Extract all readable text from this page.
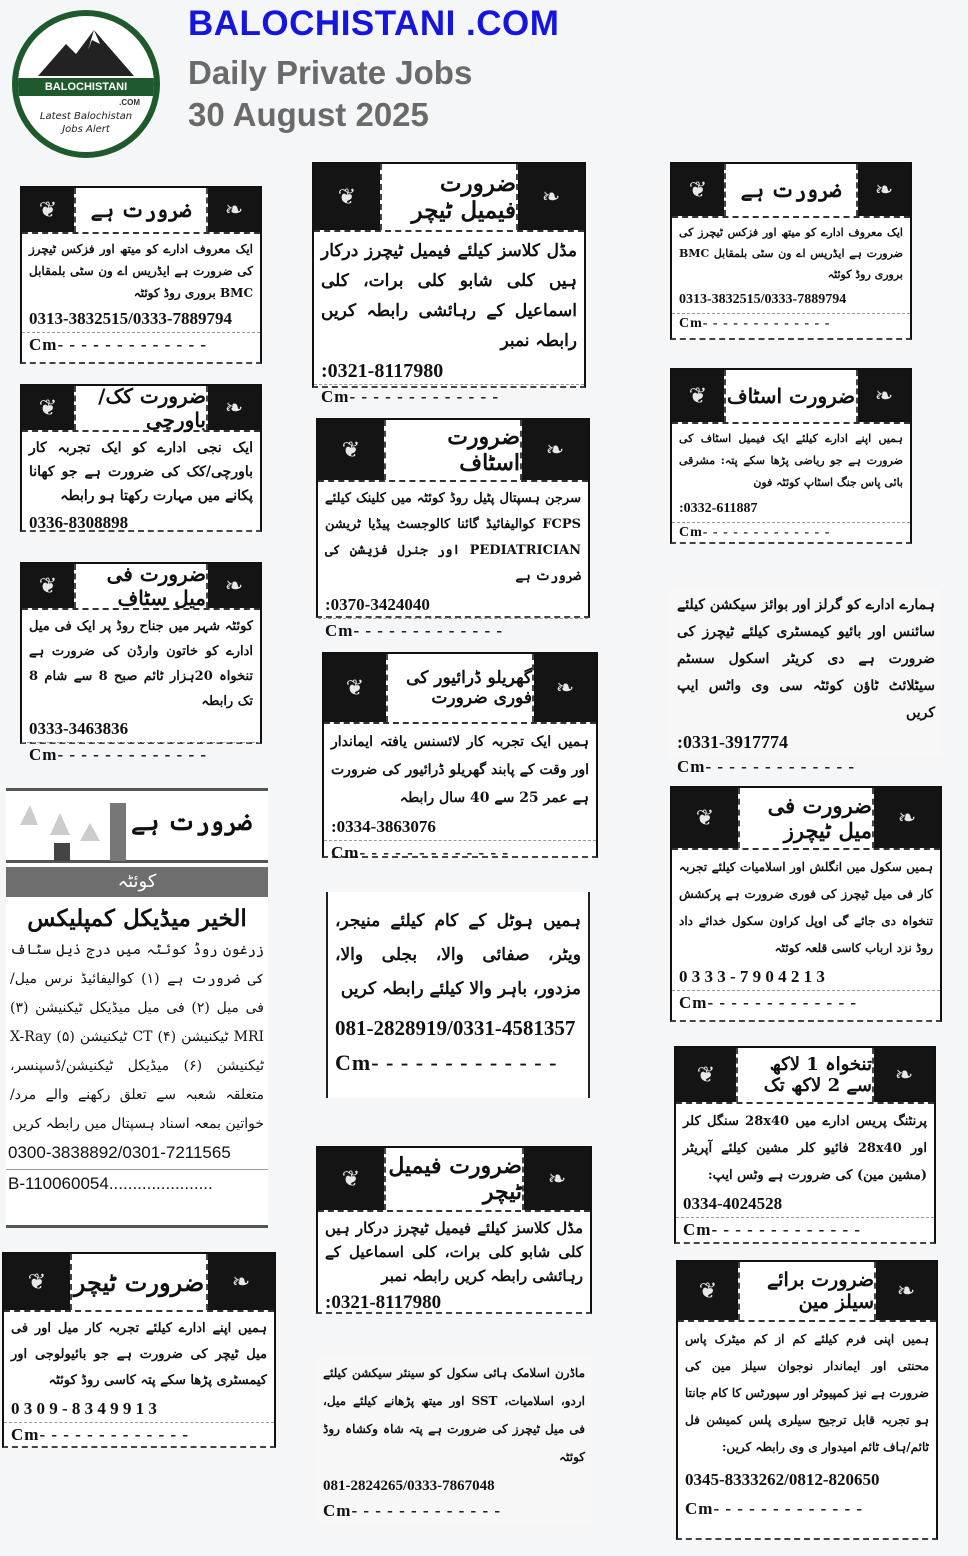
BALOCHISTANI
.COM
Latest Balochistan
Jobs Alert
BALOCHISTANI .COM
Daily Private Jobs
30 August 2025
❦	ضرورت ہے	❧
ایک معروف ادارے کو میتھ اور فزکس ٹیچرز کی ضرورت ہے ایڈریس اے ون سٹی بلمقابل BMC بروری روڈ کوئٹہ
0313-3832515/0333-7889794
Cm- - - - - - - - - - - - -
❦	ضرورت کک/باورچی ❧
ایک نجی ادارے کو ایک تجربہ کار باورچی/کک کی ضرورت ہے جو کھانا پکانے میں مہارت رکھتا ہو رابطہ
0336-8308898
❦	ضرورت فی میل سٹاف ❧
کوئٹہ شہر میں جناح روڈ پر ایک فی میل ادارے کو خاتون وارڈن کی ضرورت ہے تنخواہ 20ہزار ٹائم صبح 8 سے شام 8 تک رابطہ
0333-3463836
Cm- - - - - - - - - - - - -
ضرورت ہے
کوئٹہ
الخیر میڈیکل کمپلیکس
زرغون روڈ کوئٹہ میں درج ذیل سٹاف کی ضرورت ہے (۱) کوالیفائیڈ نرس میل/فی میل (۲) فی میل میڈیکل ٹیکنیشن (۳) MRI ٹیکنیشن (۴) CT ٹیکنیشن (۵) X-Ray ٹیکنیشن (۶) میڈیکل ٹیکنیشن/ڈسپنسر، متعلقہ شعبہ سے تعلق رکھنے والے مرد/خواتین بمعہ اسناد ہسپتال میں رابطہ کریں
0300-3838892/0301-7211565
B-110060054......................
❦	ضرورت ٹیچر	❧
ہمیں اپنے ادارے کیلئے تجربہ کار میل اور فی میل ٹیچر کی ضرورت ہے جو بائیولوجی اور کیمسٹری پڑھا سکے پتہ کاسی روڈ کوئٹہ
0 3 0 9 - 8 3 4 9 9 1 3
Cm- - - - - - - - - - - - -
❦	ضرورت فیمیل ٹیچر	❧
مڈل کلاسز کیلئے فیمیل ٹیچرز درکار ہیں کلی شابو کلی برات، کلی اسماعیل کے رہائشی رابطہ کریں رابطہ نمبر
:0321-8117980
Cm- - - - - - - - - - - - -
❦	ضرورت اسٹاف	❧
سرجن ہسپتال پٹیل روڈ کوئٹہ میں کلینک کیلئے FCPS کوالیفائیڈ گائنا کالوجسٹ پیڈیا ٹریشن PEDIATRICIAN اور جنرل فزیشن کی ضرورت ہے
:0370-3424040
Cm- - - - - - - - - - - - -
❦	گھریلو ڈرائیور کی فوری ضرورت	❧
ہمیں ایک تجربہ کار لائسنس یافتہ ایماندار اور وقت کے پابند گھریلو ڈرائیور کی ضرورت ہے عمر 25 سے 40 سال رابطہ
:0334-3863076
Cm- - - - - - - - - - - - -
ہمیں ہوٹل کے کام کیلئے منیجر، ویٹر، صفائی والا، بجلی والا، مزدور، باہر والا کیلئے رابطہ کریں
081-2828919/0331-4581357
Cm- - - - - - - - - - - - -
❦	ضرورت فیمیل ٹیچر	❧
مڈل کلاسز کیلئے فیمیل ٹیچرز درکار ہیں کلی شابو کلی برات، کلی اسماعیل کے رہائشی رابطہ کریں رابطہ نمبر
:0321-8117980
ماڈرن اسلامک ہائی سکول کو سینئر سیکشن کیلئے اردو، اسلامیات، SST اور میتھ پڑھانے کیلئے میل، فی میل ٹیچرز کی ضرورت ہے پتہ شاہ وکشاہ روڈ کوئٹہ
081-2824265/0333-7867048
Cm- - - - - - - - - - - - -
❦	ضرورت ہے	❧
ایک معروف ادارے کو میتھ اور فزکس ٹیچرز کی ضرورت ہے ایڈریس اے ون سٹی بلمقابل BMC بروری روڈ کوئٹہ
0313-3832515/0333-7889794
Cm- - - - - - - - - - - - -
❦ ضرورت اسٹاف ❧
ہمیں اپنے ادارے کیلئے ایک فیمیل اسٹاف کی ضرورت ہے جو ریاضی پڑھا سکے پتہ: مشرقی بائی پاس جنگ اسٹاپ کوئٹہ فون
:0332-611887
Cm- - - - - - - - - - - - -
ہمارے ادارے کو گرلز اور بوائز سیکشن کیلئے سائنس اور بائیو کیمسٹری کیلئے ٹیچرز کی ضرورت ہے دی کریٹر اسکول سسٹم سیٹلائٹ ٹاؤن کوئٹہ سی وی واٹس ایپ کریں
:0331-3917774
Cm- - - - - - - - - - - - -
❦	ضرورت فی میل ٹیچرز	❧
ہمیں سکول میں انگلش اور اسلامیات کیلئے تجربہ کار فی میل ٹیچرز کی فوری ضرورت ہے پرکشش تنخواہ دی جائے گی اوپل کراون سکول خدائے داد روڈ نزد ارباب کاسی قلعہ کوئٹہ
0 3 3 3 - 7 9 0 4 2 1 3
Cm- - - - - - - - - - - - -
❦	تنخواہ 1 لاکھ سے 2 لاکھ تک	❧
پرنٹنگ پریس ادارے میں 28x40 سنگل کلر اور 28x40 فائیو کلر مشین کیلئے آپریٹر (مشین مین) کی ضرورت ہے وٹس ایپ:
0334-4024528
Cm- - - - - - - - - - - - -
❦	ضرورت برائے سیلز مین	❧
ہمیں اپنی فرم کیلئے کم از کم میٹرک پاس محنتی اور ایماندار نوجوان سیلز مین کی ضرورت ہے نیز کمپیوٹر اور سپورٹس کا کام جانتا ہو تجربہ قابل ترجیح سیلری پلس کمیشن فل ٹائم/ہاف ٹائم امیدوار ی وی رابطہ کریں:
0345-8333262/0812-820650
Cm- - - - - - - - - - - - -
